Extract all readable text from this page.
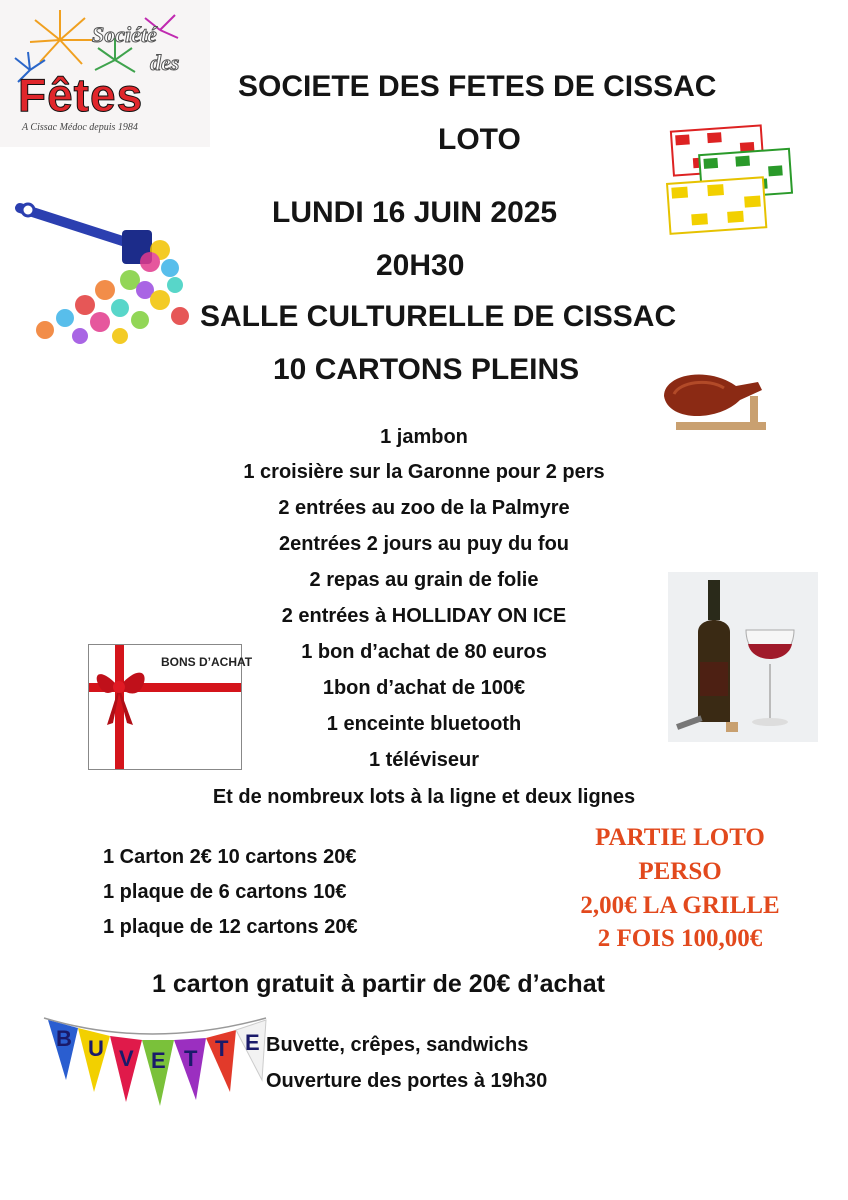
Société
des
Fêtes
A Cissac Médoc depuis 1984
SOCIETE DES FETES DE CISSAC
LOTO
LUNDI 16 JUIN 2025
20H30
SALLE CULTURELLE DE CISSAC
10 CARTONS PLEINS
1 jambon
1 croisière sur la Garonne pour 2 pers
2 entrées au zoo de la Palmyre
2entrées 2 jours au puy du fou
2 repas au grain de folie
2 entrées à HOLLIDAY ON ICE
1 bon d’achat de 80 euros
1bon d’achat de 100€
1 enceinte bluetooth
1 téléviseur
Et de nombreux lots à la ligne et deux lignes
BONS D’ACHAT
1 Carton 2€ 10 cartons 20€
1 plaque de 6 cartons 10€
1 plaque de 12 cartons 20€
PARTIE LOTO
PERSO
2,00€ LA GRILLE
2 FOIS 100,00€
1 carton gratuit à partir de 20€ d’achat
B U V E T T E Buvette, crêpes, sandwichs
Ouverture des portes à 19h30
